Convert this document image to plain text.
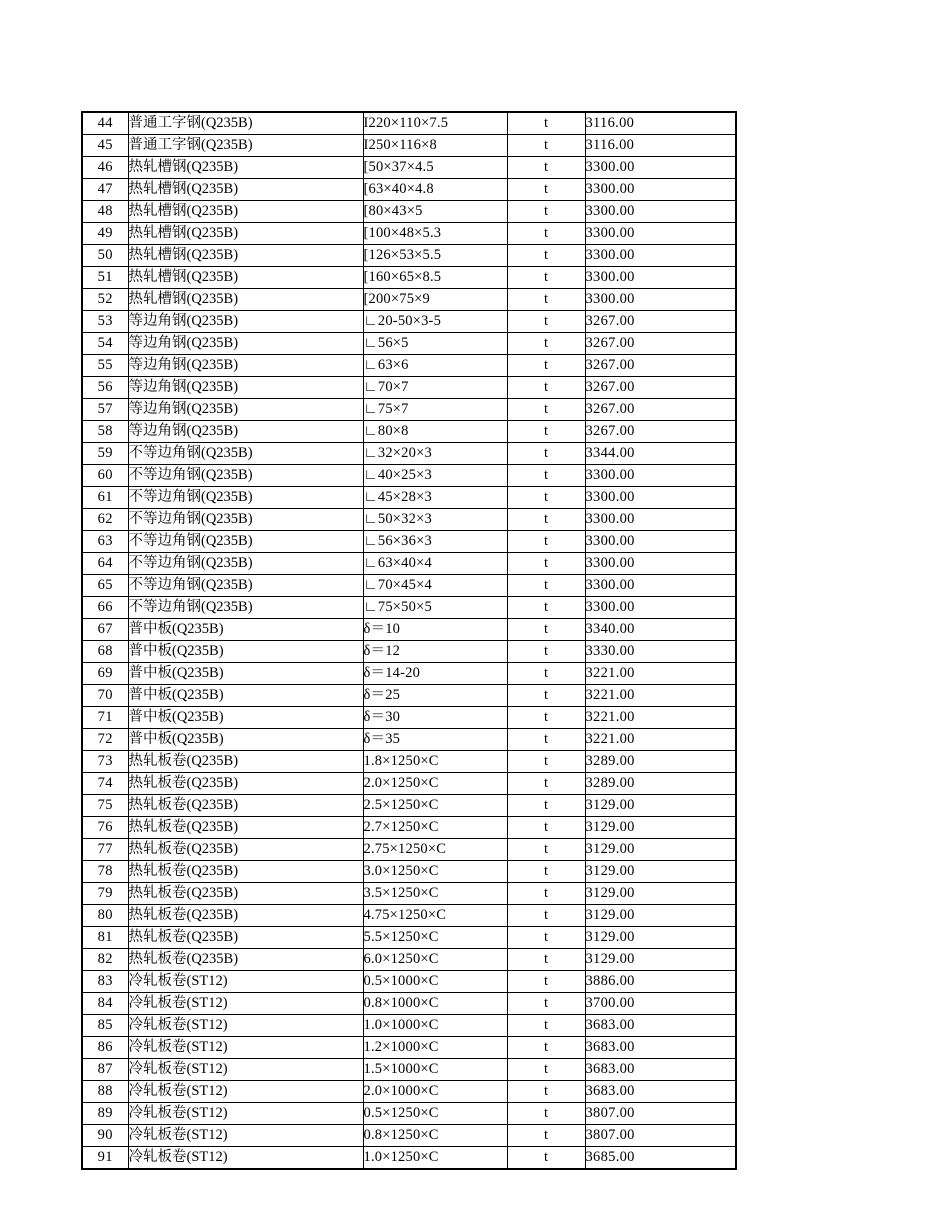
44	普通工字钢(Q235B)	I220×110×7.5	t	3116.00
45	普通工字钢(Q235B)	I250×116×8	t	3116.00
46	热轧槽钢(Q235B)	[50×37×4.5	t	3300.00
47	热轧槽钢(Q235B)	[63×40×4.8	t	3300.00
48	热轧槽钢(Q235B)	[80×43×5	t	3300.00
49	热轧槽钢(Q235B)	[100×48×5.3	t	3300.00
50	热轧槽钢(Q235B)	[126×53×5.5	t	3300.00
51	热轧槽钢(Q235B)	[160×65×8.5	t	3300.00
52	热轧槽钢(Q235B)	[200×75×9	t	3300.00
53	等边角钢(Q235B)	∟20-50×3-5	t	3267.00
54	等边角钢(Q235B)	∟56×5	t	3267.00
55	等边角钢(Q235B)	∟63×6	t	3267.00
56	等边角钢(Q235B)	∟70×7	t	3267.00
57	等边角钢(Q235B)	∟75×7	t	3267.00
58	等边角钢(Q235B)	∟80×8	t	3267.00
59	不等边角钢(Q235B)	∟32×20×3	t	3344.00
60	不等边角钢(Q235B)	∟40×25×3	t	3300.00
61	不等边角钢(Q235B)	∟45×28×3	t	3300.00
62	不等边角钢(Q235B)	∟50×32×3	t	3300.00
63	不等边角钢(Q235B)	∟56×36×3	t	3300.00
64	不等边角钢(Q235B)	∟63×40×4	t	3300.00
65	不等边角钢(Q235B)	∟70×45×4	t	3300.00
66	不等边角钢(Q235B)	∟75×50×5	t	3300.00
67	普中板(Q235B)	δ＝10	t	3340.00
68	普中板(Q235B)	δ＝12	t	3330.00
69	普中板(Q235B)	δ＝14-20	t	3221.00
70	普中板(Q235B)	δ＝25	t	3221.00
71	普中板(Q235B)	δ＝30	t	3221.00
72	普中板(Q235B)	δ＝35	t	3221.00
73	热轧板卷(Q235B)	1.8×1250×C	t	3289.00
74	热轧板卷(Q235B)	2.0×1250×C	t	3289.00
75	热轧板卷(Q235B)	2.5×1250×C	t	3129.00
76	热轧板卷(Q235B)	2.7×1250×C	t	3129.00
77	热轧板卷(Q235B)	2.75×1250×C	t	3129.00
78	热轧板卷(Q235B)	3.0×1250×C	t	3129.00
79	热轧板卷(Q235B)	3.5×1250×C	t	3129.00
80	热轧板卷(Q235B)	4.75×1250×C	t	3129.00
81	热轧板卷(Q235B)	5.5×1250×C	t	3129.00
82	热轧板卷(Q235B)	6.0×1250×C	t	3129.00
83	冷轧板卷(ST12)	0.5×1000×C	t	3886.00
84	冷轧板卷(ST12)	0.8×1000×C	t	3700.00
85	冷轧板卷(ST12)	1.0×1000×C	t	3683.00
86	冷轧板卷(ST12)	1.2×1000×C	t	3683.00
87	冷轧板卷(ST12)	1.5×1000×C	t	3683.00
88	冷轧板卷(ST12)	2.0×1000×C	t	3683.00
89	冷轧板卷(ST12)	0.5×1250×C	t	3807.00
90	冷轧板卷(ST12)	0.8×1250×C	t	3807.00
91	冷轧板卷(ST12)	1.0×1250×C	t	3685.00
